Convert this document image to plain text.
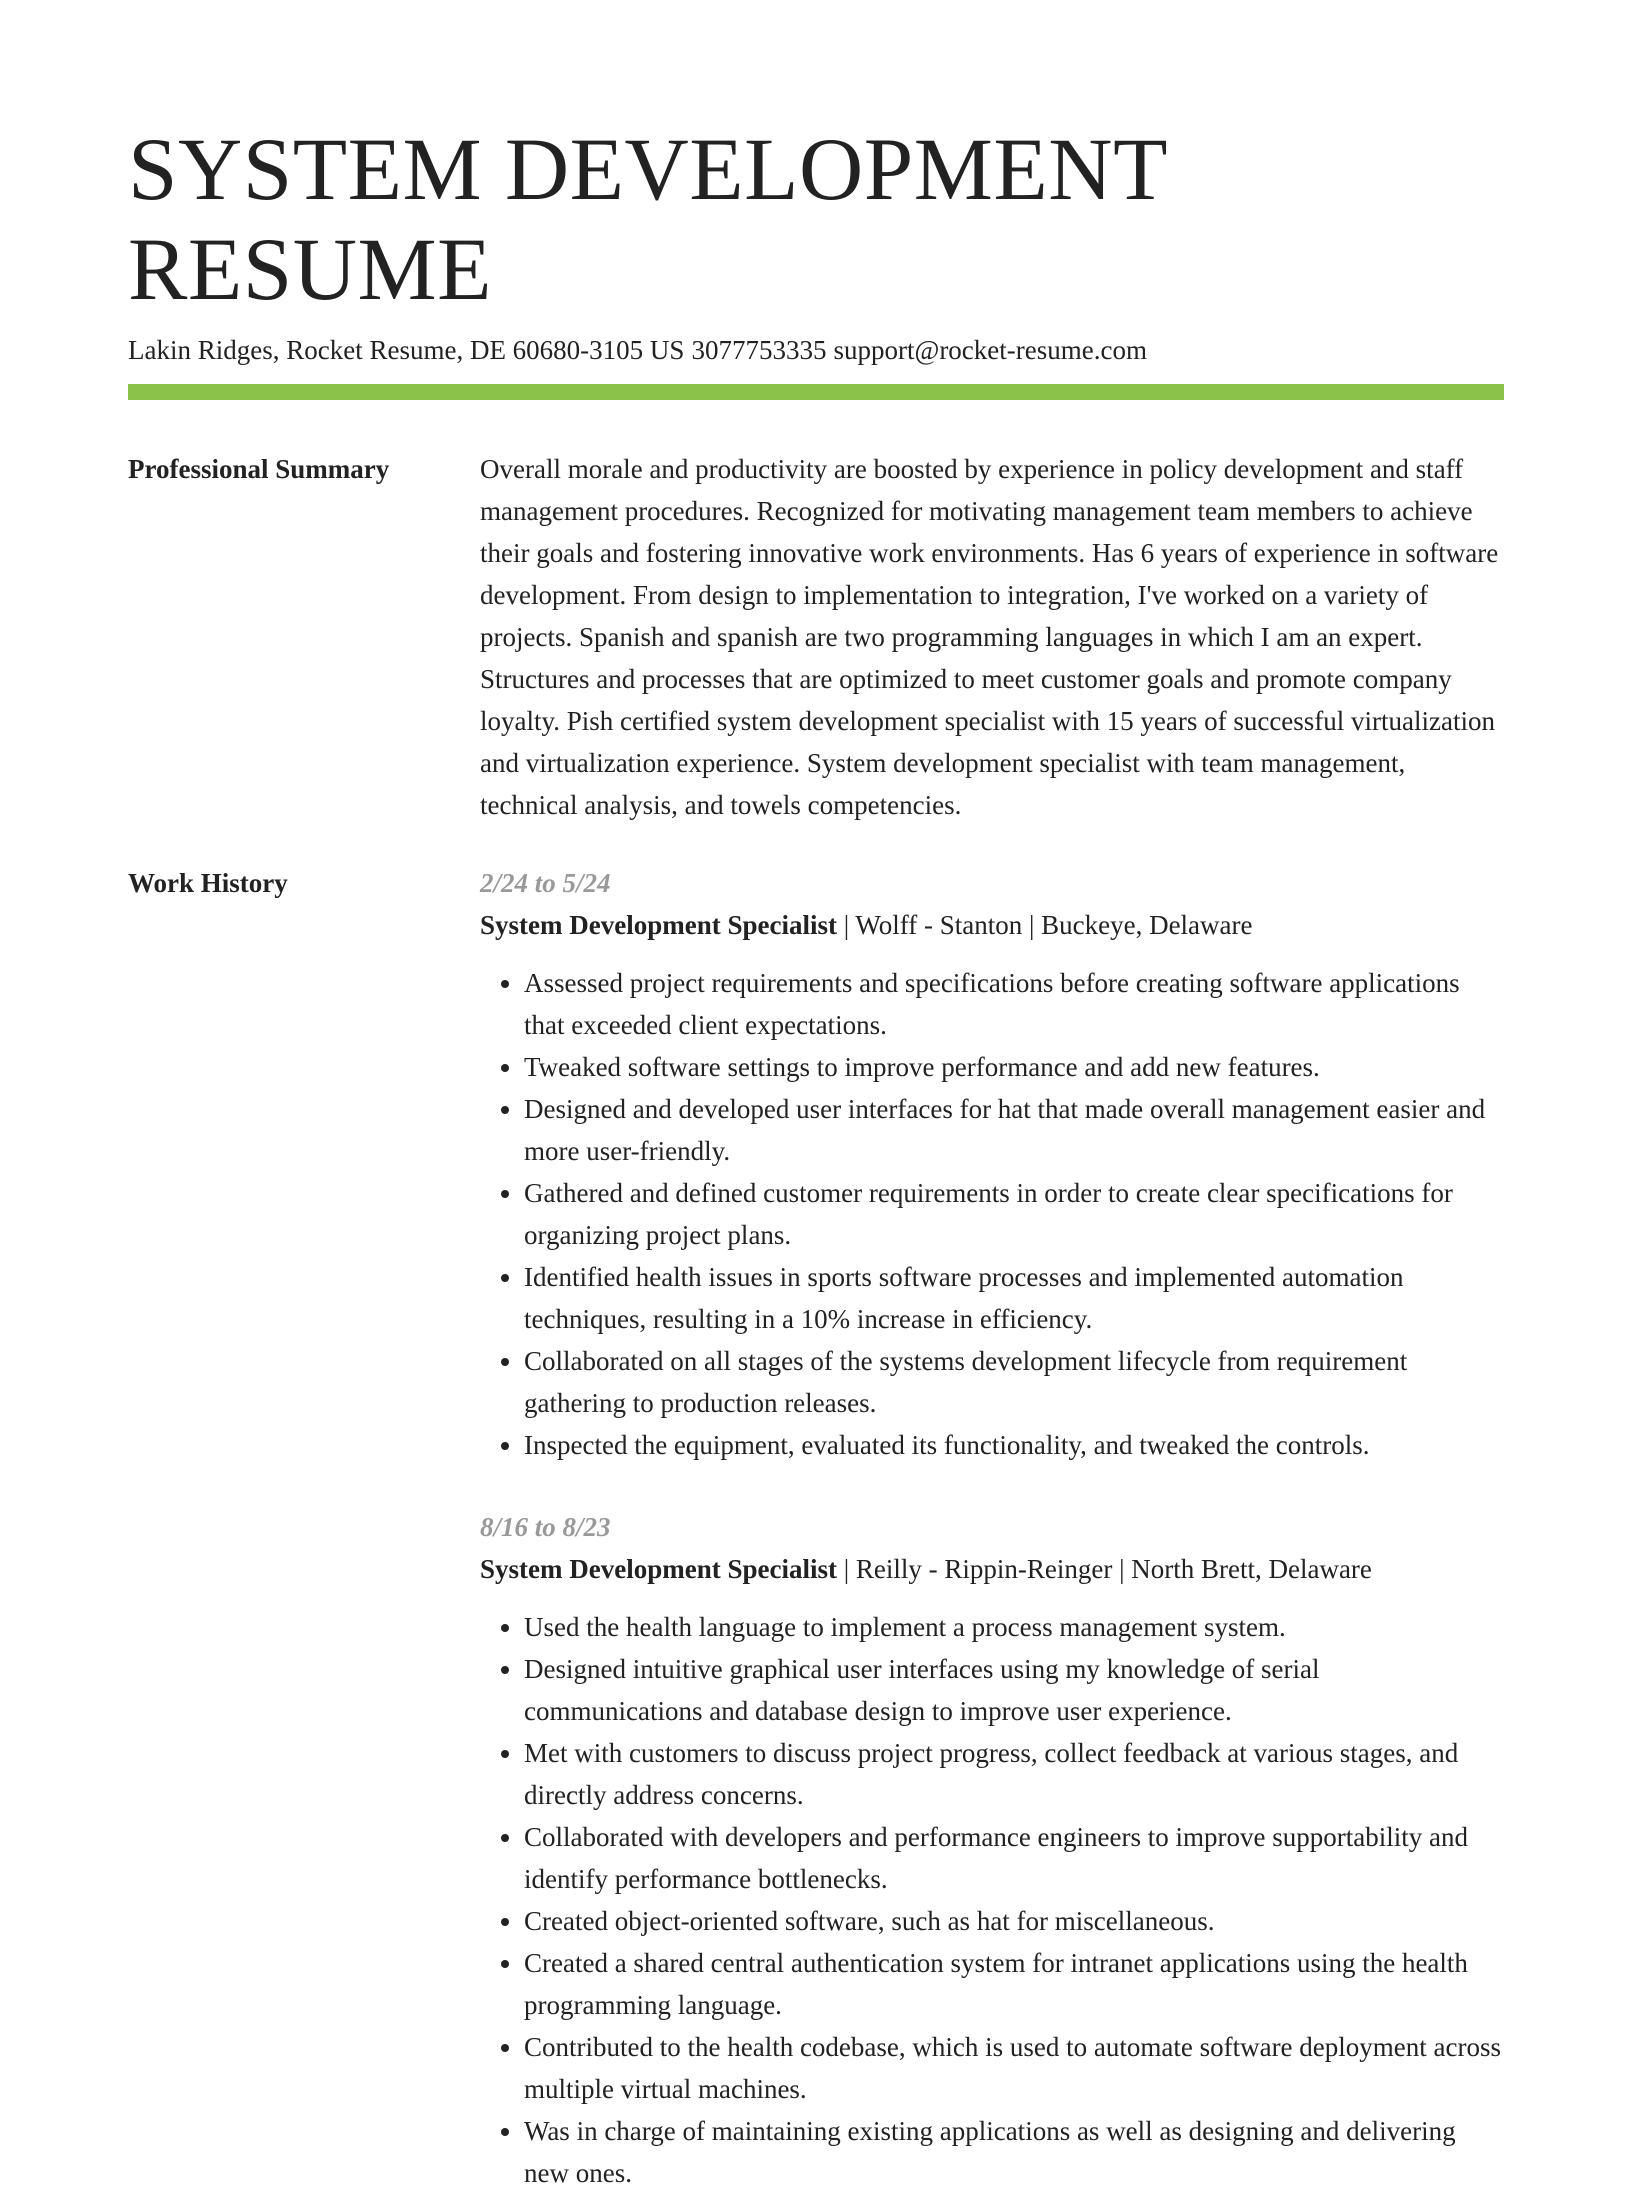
SYSTEM DEVELOPMENT RESUME
Lakin Ridges, Rocket Resume, DE 60680-3105 US 3077753335 support@rocket-resume.com
Professional Summary	Overall morale and productivity are boosted by experience in policy development and staff management procedures. Recognized for motivating management team members to achieve their goals and fostering innovative work environments. Has 6 years of experience in software development. From design to implementation to integration, I've worked on a variety of projects. Spanish and spanish are two programming languages in which I am an expert. Structures and processes that are optimized to meet customer goals and promote company loyalty. Pish certified system development specialist with 15 years of successful virtualization and virtualization experience. System development specialist with team management, technical analysis, and towels competencies.

Work History	2/24 to 5/24
System Development Specialist | Wolff - Stanton | Buckeye, Delaware
• Assessed project requirements and specifications before creating software applications that exceeded client expectations.
• Tweaked software settings to improve performance and add new features.
• Designed and developed user interfaces for hat that made overall management easier and more user-friendly.
• Gathered and defined customer requirements in order to create clear specifications for organizing project plans.
• Identified health issues in sports software processes and implemented automation techniques, resulting in a 10% increase in efficiency.
• Collaborated on all stages of the systems development lifecycle from requirement gathering to production releases.
• Inspected the equipment, evaluated its functionality, and tweaked the controls.
8/16 to 8/23
System Development Specialist | Reilly - Rippin-Reinger | North Brett, Delaware
• Used the health language to implement a process management system.
• Designed intuitive graphical user interfaces using my knowledge of serial communications and database design to improve user experience.
• Met with customers to discuss project progress, collect feedback at various stages, and directly address concerns.
• Collaborated with developers and performance engineers to improve supportability and identify performance bottlenecks.
• Created object-oriented software, such as hat for miscellaneous.
• Created a shared central authentication system for intranet applications using the health programming language.
• Contributed to the health codebase, which is used to automate software deployment across multiple virtual machines.
• Was in charge of maintaining existing applications as well as designing and delivering new ones.
